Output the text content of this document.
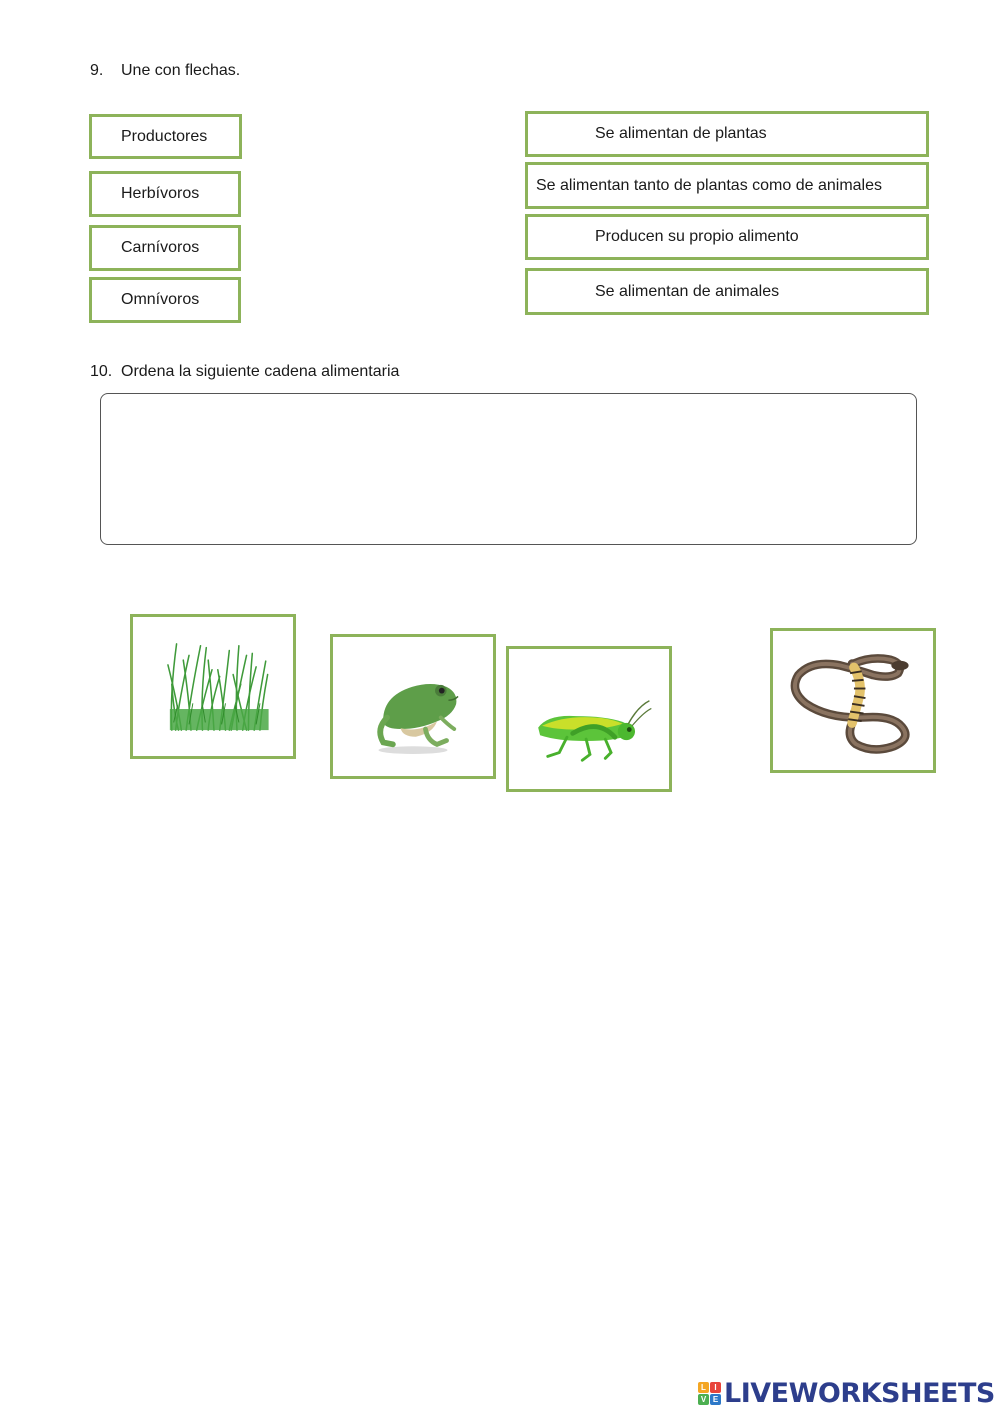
9. Une con flechas.
Productores
Herbívoros
Carnívoros
Omnívoros
Se alimentan de plantas
Se alimentan tanto de plantas como de animales
Producen su propio alimento
Se alimentan de animales
10. Ordena la siguiente cadena alimentaria
L	I
V E LIVEWORKSHEETS
